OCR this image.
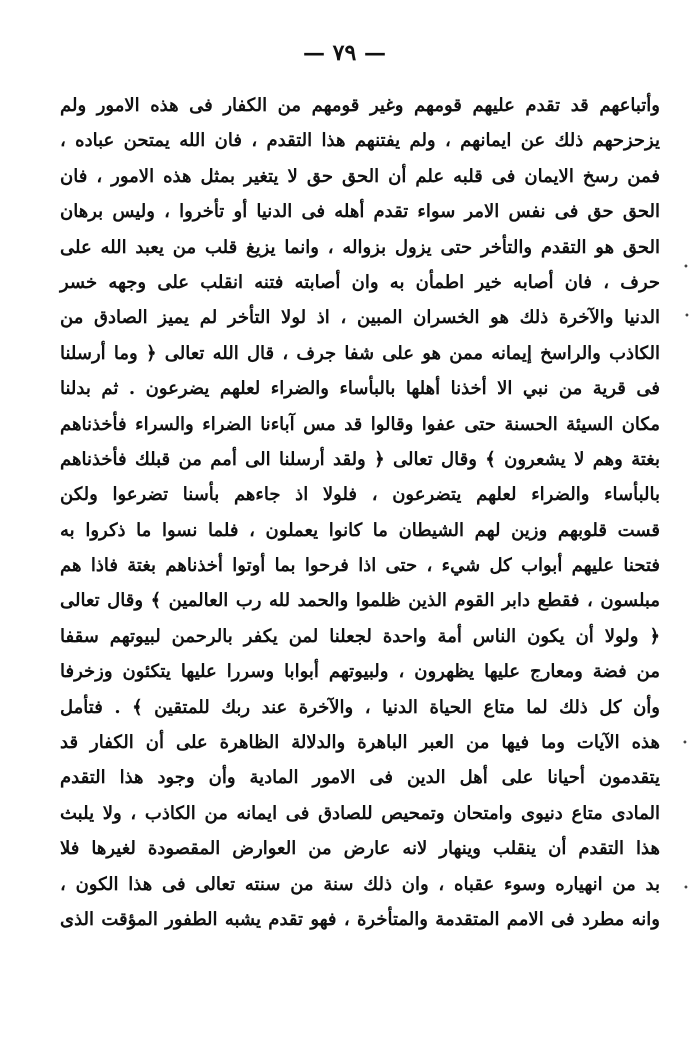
— ٧٩ —
وأتباعهم قد تقدم عليهم قومهم وغير قومهم من الكفار فى هذه الامور ولم
يزحزحهم ذلك عن ايمانهم ، ولم يفتنهم هذا التقدم ، فان الله يمتحن عباده ،
فمن رسخ الايمان فى قلبه علم أن الحق حق لا يتغير بمثل هذه الامور ، فان
الحق حق فى نفس الامر سواء تقدم أهله فى الدنيا أو تأخروا ، وليس برهان
الحق هو التقدم والتأخر حتى يزول بزواله ، وانما يزيغ قلب من يعبد الله على
حرف ، فان أصابه خير اطمأن به وان أصابته فتنه انقلب على وجهه خسر
الدنيا والآخرة ذلك هو الخسران المبين ، اذ لولا التأخر لم يميز الصادق من
الكاذب والراسخ إيمانه ممن هو على شفا جرف ، قال الله تعالى ﴿ وما أرسلنا
فى قرية من نبي الا أخذنا أهلها بالبأساء والضراء لعلهم يضرعون . ثم بدلنا
مكان السيئة الحسنة حتى عفوا وقالوا قد مس آباءنا الضراء والسراء فأخذناهم
بغتة وهم لا يشعرون ﴾ وقال تعالى ﴿ ولقد أرسلنا الى أمم من قبلك فأخذناهم
بالبأساء والضراء لعلهم يتضرعون ، فلولا اذ جاءهم بأسنا تضرعوا ولكن
قست قلوبهم وزين لهم الشيطان ما كانوا يعملون ، فلما نسوا ما ذكروا به
فتحنا عليهم أبواب كل شيء ، حتى اذا فرحوا بما أوتوا أخذناهم بغتة فاذا هم
مبلسون ، فقطع دابر القوم الذين ظلموا والحمد لله رب العالمين ﴾ وقال تعالى
﴿ ولولا أن يكون الناس أمة واحدة لجعلنا لمن يكفر بالرحمن لبيوتهم سقفا
من فضة ومعارج عليها يظهرون ، ولبيوتهم أبوابا وسررا عليها يتكئون وزخرفا
وأن كل ذلك لما متاع الحياة الدنيا ، والآخرة عند ربك للمتقين ﴾ . فتأمل
هذه الآيات وما فيها من العبر الباهرة والدلالة الظاهرة على أن الكفار قد
يتقدمون أحيانا على أهل الدين فى الامور المادية وأن وجود هذا التقدم
المادى متاع دنيوى وامتحان وتمحيص للصادق فى ايمانه من الكاذب ، ولا يلبث
هذا التقدم أن ينقلب وينهار لانه عارض من العوارض المقصودة لغيرها فلا
بد من انهياره وسوء عقباه ، وان ذلك سنة من سنته تعالى فى هذا الكون ،
وانه مطرد فى الامم المتقدمة والمتأخرة ، فهو تقدم يشبه الطفور المؤقت الذى
•
•
•
•
